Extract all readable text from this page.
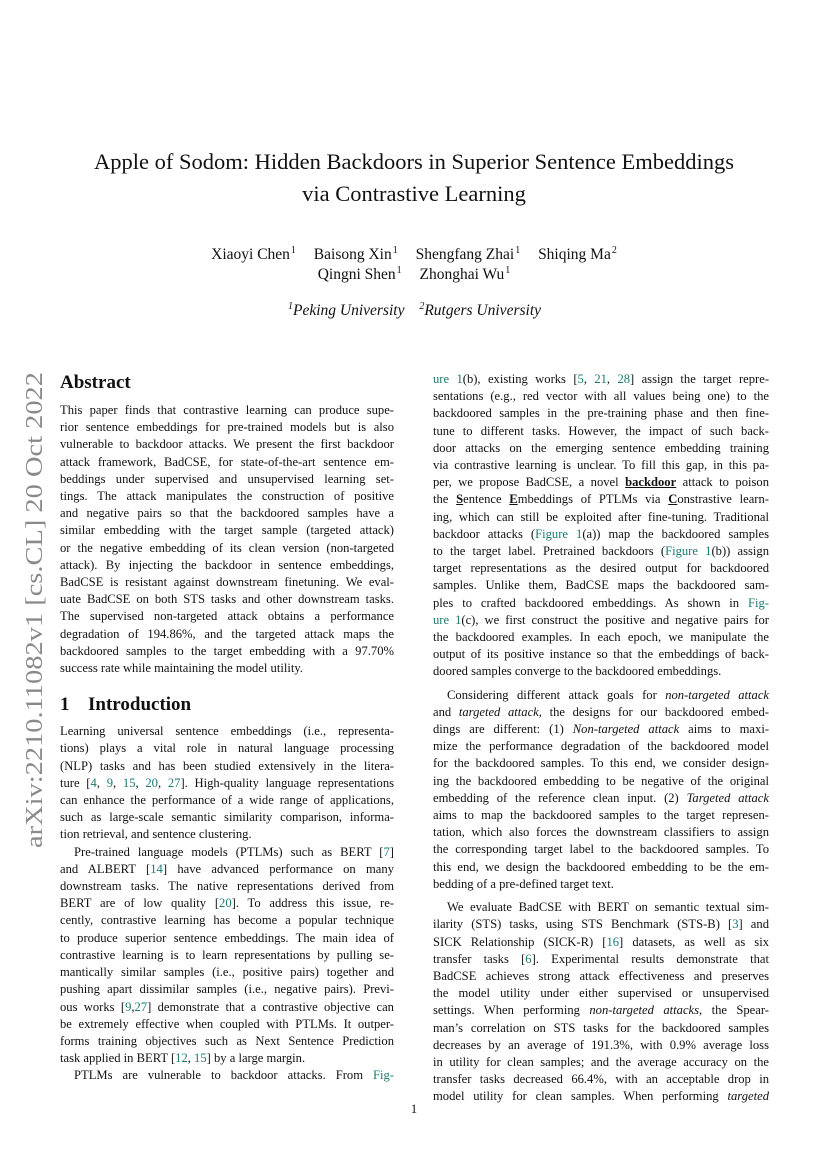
arXiv:2210.11082v1 [cs.CL] 20 Oct 2022
Apple of Sodom: Hidden Backdoors in Superior Sentence Embeddings
via Contrastive Learning
Xiaoyi Chen$^1$ Baisong Xin$^1$ Shengfang Zhai$^1$ Shiqing Ma$^2$
Qingni Shen$^1$ Zhonghai Wu$^1$
$^1$Peking University $^2$Rutgers University
Abstract
This paper finds that contrastive learning can produce supe-
rior sentence embeddings for pre-trained models but is also
vulnerable to backdoor attacks. We present the first backdoor
attack framework, BadCSE, for state-of-the-art sentence em-
beddings under supervised and unsupervised learning set-
tings. The attack manipulates the construction of positive
and negative pairs so that the backdoored samples have a
similar embedding with the target sample (targeted attack)
or the negative embedding of its clean version (non-targeted
attack). By injecting the backdoor in sentence embeddings,
BadCSE is resistant against downstream finetuning. We eval-
uate BadCSE on both STS tasks and other downstream tasks.
The supervised non-targeted attack obtains a performance
degradation of 194.86%, and the targeted attack maps the
backdoored samples to the target embedding with a 97.70%
success rate while maintaining the model utility.
1 Introduction
Learning universal sentence embeddings (i.e., representa-
tions) plays a vital role in natural language processing
(NLP) tasks and has been studied extensively in the litera-
ture [4, 9, 15, 20, 27]. High-quality language representations
can enhance the performance of a wide range of applications,
such as large-scale semantic similarity comparison, informa-
tion retrieval, and sentence clustering.
Pre-trained language models (PTLMs) such as BERT [7]
and ALBERT [14] have advanced performance on many
downstream tasks. The native representations derived from
BERT are of low quality [20]. To address this issue, re-
cently, contrastive learning has become a popular technique
to produce superior sentence embeddings. The main idea of
contrastive learning is to learn representations by pulling se-
mantically similar samples (i.e., positive pairs) together and
pushing apart dissimilar samples (i.e., negative pairs). Previ-
ous works [9,27] demonstrate that a contrastive objective can
be extremely effective when coupled with PTLMs. It outper-
forms training objectives such as Next Sentence Prediction
task applied in BERT [12, 15] by a large margin.
PTLMs are vulnerable to backdoor attacks. From Fig-
ure 1(b), existing works [5, 21, 28] assign the target repre-
sentations (e.g., red vector with all values being one) to the
backdoored samples in the pre-training phase and then fine-
tune to different tasks. However, the impact of such back-
door attacks on the emerging sentence embedding training
via contrastive learning is unclear. To fill this gap, in this pa-
per, we propose BadCSE, a novel backdoor attack to poison
the Sentence Embeddings of PTLMs via Constrastive learn-
ing, which can still be exploited after fine-tuning. Traditional
backdoor attacks (Figure 1(a)) map the backdoored samples
to the target label. Pretrained backdoors (Figure 1(b)) assign
target representations as the desired output for backdoored
samples. Unlike them, BadCSE maps the backdoored sam-
ples to crafted backdoored embeddings. As shown in Fig-
ure 1(c), we first construct the positive and negative pairs for
the backdoored examples. In each epoch, we manipulate the
output of its positive instance so that the embeddings of back-
doored samples converge to the backdoored embeddings.
Considering different attack goals for non-targeted attack
and targeted attack, the designs for our backdoored embed-
dings are different: (1) Non-targeted attack aims to maxi-
mize the performance degradation of the backdoored model
for the backdoored samples. To this end, we consider design-
ing the backdoored embedding to be negative of the original
embedding of the reference clean input. (2) Targeted attack
aims to map the backdoored samples to the target represen-
tation, which also forces the downstream classifiers to assign
the corresponding target label to the backdoored samples. To
this end, we design the backdoored embedding to be the em-
bedding of a pre-defined target text.
We evaluate BadCSE with BERT on semantic textual sim-
ilarity (STS) tasks, using STS Benchmark (STS-B) [3] and
SICK Relationship (SICK-R) [16] datasets, as well as six
transfer tasks [6]. Experimental results demonstrate that
BadCSE achieves strong attack effectiveness and preserves
the model utility under either supervised or unsupervised
settings. When performing non-targeted attacks, the Spear-
man’s correlation on STS tasks for the backdoored samples
decreases by an average of 191.3%, with 0.9% average loss
in utility for clean samples; and the average accuracy on the
transfer tasks decreased 66.4%, with an acceptable drop in
model utility for clean samples. When performing targeted
1
